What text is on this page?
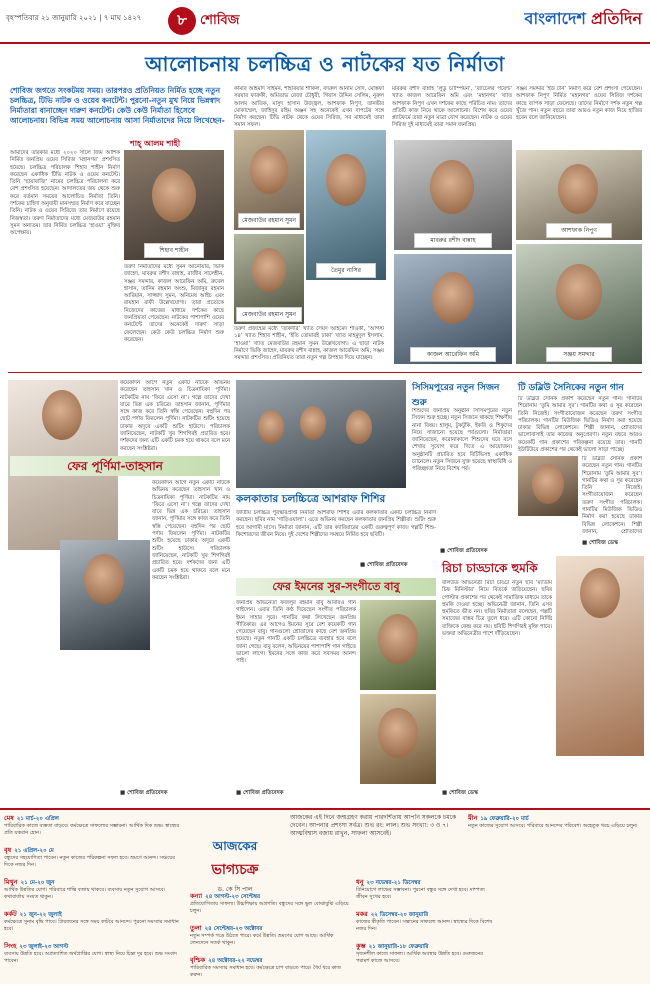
বৃহস্পতিবার ২১ জানুয়ারি ২০২১ | ৭ মাঘ ১৪২৭	৮	শোবিজ	বাংলাদেশ প্রতিদিন
আলোচনায় চলচ্চিত্র ও নাটকের যত নির্মাতা
শোবিজ জগতে সংকটময় সময়। তারপরও প্রতিনিয়ত নির্মিত হচ্ছে নতুন চলচ্চিত্র, টিভি নাটক ও ওয়েব কনটেন্ট। পুরনো-নতুন মুখ নিয়ে ভিন্নস্বাদ নির্মাতারা বানাচ্ছেন দারুণ কনটেন্ট। কেউ কেউ নির্মাতা হিসেবে আলোচনায়। বিভিন্ন সময় আলোচনায় আসা নির্মাতাদের নিয়ে লিখেছেন-
শাহ্ আলম শাহী
আমাদের তারকার মধ্যে ২০২০ সালে জিম আশিক নির্মিত জনপ্রিয় ওয়েব সিরিজ ‘মহানগর’ প্রশংসিত হয়েছে। চলচ্চিত্র পরিচালক শিহাব শাহীন নির্মাণ করেছেন একাধিক টিভি নাটক ও ওয়েব কনটেন্ট। তিনি ‘ছায়াবাজি’ নামের চলচ্চিত্র পরিচালনা করে বেশ প্রশংসিত হয়েছেন। আদালতের জয় থেকে শুরু করে বর্তমান সময়ের আলোচিত নির্মাতা তিনি। দর্শকের চাহিদা অনুযায়ী মানসম্মত নির্মাণ করে যাচ্ছেন তিনি। নাটক ও ওয়েব সিরিজে তার নির্মাণে রয়েছে নিজস্বতা। তরুণ নির্মাতাদের মধ্যে মেজবাউর রহমান সুমন অন্যতম। তার নির্মিত চলচ্চিত্র ‘হাওয়া’ মুক্তির অপেক্ষায়।
শিহাব শাহীন
তরুণ নির্মাতাদের মধ্যে সুমন আনোয়ার, ভিকি জাহেদ, মাবরুর রশীদ বান্নাহ, রাজীব সালেহীন, সঞ্জয় সমদ্দার, কাজল আরেফিন অমি, রুবেল হাসান, তানিম রহমান অংশু, মিজানুর রহমান আরিয়ান, সাজ্জাদ সুমন, অনিমেষ আইচ এবং রায়হান রাফী উল্লেখযোগ্য। তারা প্রত্যেকে নিজেদের কাজের মাধ্যমে দর্শকের কাছে জনপ্রিয়তা পেয়েছেন। নাটকের পাশাপাশি ওয়েব কনটেন্টে তাদের অনেকেই দারুণ সাড়া ফেলেছেন। কেউ কেউ চলচ্চিত্র নির্মাণ শুরু করেছেন।
মেজবাউর রহমান সুমন
মেজবাউর রহমান সুমন
তৈমুর নাসির
কামার আহমাদ সাইমন, শাহরিয়ার শাকিল, বদরুল আনাম সৌদ, মোস্তফা সরয়ার ফারুকী, অমিতাভ রেজা চৌধুরী, গিয়াস উদ্দিন সেলিম, নুরুল আলম আতিক, মাসুদ হাসান উজ্জ্বল, আশফাক নিপুণ, তানভীর মোকাম্মেল, জাহিদুর রহিম অঞ্জন সহ অনেকেই এখন দাপটের সঙ্গে নির্মাণ করছেন। টিভি নাটক থেকে ওয়েব সিরিজ, সব মাধ্যমেই তারা সমান সফল।
তরুণ প্রজন্মের মধ্যে ‘তাকদীর’ খ্যাত সৈয়দ আহমেদ শাওকী, ‘আগস্ট ১৪’ খ্যাত শিহাব শাহীন, ‘ইতি তোমারই ঢাকা’ খ্যাত মাহমুদুল ইসলাম, ‘হাওয়া’ খ্যাত মেজবাউর রহমান সুমন উল্লেখযোগ্য। এ ছাড়া নাটক নির্মাণে ভিকি জাহেদ, মাবরুর রশীদ বান্নাহ, কাজল আরেফিন অমি, সঞ্জয় সমদ্দার প্রশংসিত। প্রতিনিয়ত তারা নতুন গল্প উপহার দিয়ে যাচ্ছেন।
মাবরুর রশীদ বান্নাহ ‘লুডু চ্যাম্পিয়ন’, ‘ব্যাচেলর পয়েন্ট’ খ্যাত কাজল আরেফিন অমি এবং ‘মহানগর’ খ্যাত আশফাক নিপুণ এখন দর্শকের কাছে পরিচিত নাম। তাদের প্রতিটি কাজ নিয়ে থাকে আলোচনা। বিশেষ করে ওয়েব প্ল্যাটফর্মে তারা নতুন মাত্রা যোগ করেছেন। নাটক ও ওয়েব সিরিজ দুই মাধ্যমেই তারা সমান জনপ্রিয়।
মাবরুর রশীদ বান্নাহ
আশফাক নিপুণ
সঞ্জয় সমদ্দার ‘ইউ টার্ন’ নির্মাণ করে বেশ প্রশংসা পেয়েছেন। আশফাক নিপুণ নির্মিত ‘মহানগর’ ওয়েব সিরিজ দর্শকের কাছে ব্যাপক সাড়া ফেলেছে। তাদের নির্মাণে দর্শক নতুন গল্প খুঁজে পান। নতুন বছরে তারা আরও নতুন কাজ নিয়ে হাজির হবেন বলে জানিয়েছেন।
কাজল আরেফিন অমি	সঞ্জয় সমদ্দার
ফের পূর্ণিমা-তাহসান
কয়েকদিন আগে নতুন একটি নাটকে অভিনয় করেছেন তাহসান খান ও চিত্রনায়িকা পূর্ণিমা। নাটকটির নাম ‘ফিরে এসো না’। গল্পে তাদের দেখা যাবে ভিন্ন এক চরিত্রে। তাহসান জানান, পূর্ণিমার সঙ্গে কাজ করে তিনি স্বস্তি পেয়েছেন। বহুদিন পর ছোট পর্দায় ফিরলেন পূর্ণিমা। নাটকটির শুটিং হয়েছে ঢাকার অদূরে একটি শুটিং হাউসে। পরিচালক জানিয়েছেন, নাটকটি খুব শিগগিরই প্রচারিত হবে। দর্শকদের জন্য এটি একটি চমক হয়ে থাকবে বলে মনে করছেন সংশ্লিষ্টরা।
কয়েকদিন আগে নতুন একটি নাটকে অভিনয় করেছেন তাহসান খান ও চিত্রনায়িকা পূর্ণিমা। নাটকটির নাম ‘ফিরে এসো না’। গল্পে তাদের দেখা যাবে ভিন্ন এক চরিত্রে। তাহসান জানান, পূর্ণিমার সঙ্গে কাজ করে তিনি স্বস্তি পেয়েছেন। বহুদিন পর ছোট পর্দায় ফিরলেন পূর্ণিমা। নাটকটির শুটিং হয়েছে ঢাকার অদূরে একটি শুটিং হাউসে। পরিচালক জানিয়েছেন, নাটকটি খুব শিগগিরই প্রচারিত হবে। দর্শকদের জন্য এটি একটি চমক হয়ে থাকবে বলে মনে করছেন সংশ্লিষ্টরা।
■ শোবিজ প্রতিবেদক
কলকাতার চলচ্চিত্রে আশরাফ শিশির
জাতীয় চলচ্চিত্র পুরস্কারপ্রাপ্ত নির্মাতা আশরাফ শিশির এবার কলকাতার একটি চলচ্চিত্র নির্মাণ করছেন। ছবির নাম ‘গাড়িওয়ালা’। এতে অভিনয় করছেন কলকাতার জনপ্রিয় শিল্পীরা। শুটিং শুরু হবে আগামী মাসে। নির্মাতা জানান, এটি তার ক্যারিয়ারের একটি গুরুত্বপূর্ণ কাজ। গল্পটি শিশু-কিশোরদের জীবন নিয়ে। দুই দেশের শিল্পীদের সমন্বয়ে নির্মিত হবে ছবিটি।
■ শোবিজ প্রতিবেদক
ফের ইমনের সুর-সংগীতে বাবু
জনপ্রিয় অভিনেতা ফজলুর রহমান বাবু আবারও গান গাইলেন। এবার তিনি কণ্ঠ দিয়েছেন সংগীত পরিচালক ইমন সাহার সুরে। গানটির কথা লিখেছেন জনপ্রিয় গীতিকার। এর আগেও ইমনের সুরে বেশ কয়েকটি গান গেয়েছেন বাবু। গানগুলো শ্রোতাদের কাছে বেশ জনপ্রিয় হয়েছে। নতুন গানটি একটি চলচ্চিত্রে ব্যবহার হবে বলে জানা গেছে। বাবু বলেন, অভিনয়ের পাশাপাশি গান গাইতে ভালো লাগে। ইমনের সঙ্গে কাজ করে সবসময় আনন্দ পাই।
■ শোবিজ প্রতিবেদক
সিসিমপুরের নতুন সিজন শুরু
শিশুদের জনপ্রিয় অনুষ্ঠান সিসিমপুরের নতুন সিজন শুরু হচ্ছে। নতুন সিজনে থাকছে শিক্ষণীয় নানা বিষয়। হালুম, টুকটুকি, ইকরি ও শিকুদের নিয়ে সাজানো হয়েছে পর্বগুলো। নির্মাতারা জানিয়েছেন, করোনাকালে শিশুদের ঘরে বসে শেখার সুযোগ করে দিতে এ আয়োজন। অনুষ্ঠানটি প্রচারিত হবে বিটিভিসহ একাধিক চ্যানেলে। নতুন সিজনে যুক্ত হয়েছে স্বাস্থ্যবিধি ও পরিচ্ছন্নতা নিয়ে বিশেষ পর্ব।
■ শোবিজ প্রতিবেদক
টি ডব্লিউ সৈনিকের নতুন গান
টি ডব্লিউ সৈনিক প্রকাশ করেছেন নতুন গান। গানটির শিরোনাম ‘তুমি আমার সুর’। গানটির কথা ও সুর করেছেন তিনি নিজেই। সংগীতায়োজন করেছেন তরুণ সংগীত পরিচালক। গানটির মিউজিক ভিডিও নির্মাণ করা হয়েছে ঢাকার বিভিন্ন লোকেশনে। শিল্পী জানান, শ্রোতাদের ভালোবাসাই তার কাজের অনুপ্রেরণা। নতুন বছরে আরও কয়েকটি গান প্রকাশের পরিকল্পনা রয়েছে তার। গানটি ইউটিউবে প্রকাশের পর থেকেই ভালো সাড়া পাচ্ছে।
টি ডব্লিউ সৈনিক প্রকাশ করেছেন নতুন গান। গানটির শিরোনাম ‘তুমি আমার সুর’। গানটির কথা ও সুর করেছেন তিনি নিজেই। সংগীতায়োজন করেছেন তরুণ সংগীত পরিচালক। গানটির মিউজিক ভিডিও নির্মাণ করা হয়েছে ঢাকার বিভিন্ন লোকেশনে। শিল্পী জানান, শ্রোতাদের
■ শোবিজ ডেস্ক
রিচা চাড্ডাকে হুমকি
বলিউড অভিনেত্রী রিচা চাড্ডা নতুন ছবি ‘ম্যাডাম চিফ মিনিস্টার’ নিয়ে বিতর্কে জড়িয়েছেন। ছবির পোস্টার প্রকাশের পর থেকেই সামাজিক মাধ্যমে তাকে হুমকি দেওয়া হচ্ছে। অভিনেত্রী জানান, তিনি এসব হুমকিতে ভীত নন। ছবির নির্মাতারা বলেছেন, গল্পটি সমাজের বাস্তব চিত্র তুলে ধরে। এটি কোনো নির্দিষ্ট ব্যক্তিকে কেন্দ্র করে নয়। ছবিটি শিগগিরই মুক্তি পাবে। ভক্তরা অভিনেত্রীর পাশে দাঁড়িয়েছেন।
■ শোবিজ ডেস্ক
আজকের
ভাগ্যচক্র
ড. কে সি পাল
আজকের এই দিনে জন্মগ্রহণ করায় পারদর্শিতায় আপনি সকলকে চমকে দেবেন। আপনার প্রশংসা সর্বত্র। শুভ রং: লাল। শুভ সংখ্যা: ৩ ও ৭। আত্মবিশ্বাস বজায় রাখুন, সাফল্য আসবেই।
মেষ ২১ মার্চ-২০ এপ্রিল
পারিবারিক কাজে ব্যস্ততা বাড়বে। কর্মক্ষেত্রে সাফল্যের সম্ভাবনা। আর্থিক দিক শুভ। স্বাস্থ্যের প্রতি যত্নবান হোন।
বৃষ ২১ এপ্রিল-২০ মে
বন্ধুদের সহযোগিতা পাবেন। নতুন কাজের পরিকল্পনা সফল হবে। ভ্রমণে আনন্দ। সঞ্চয়ের দিকে নজর দিন।
মিথুন ২১ মে-২০ জুন
আর্থিক উন্নতির যোগ। পরিবারে শান্তি বজায় থাকবে। ব্যবসায় নতুন সুযোগ আসবে। কথাবার্তায় সংযত থাকুন।
কর্কট ২১ জুন-২২ জুলাই
কর্মক্ষেত্রে সুনাম বৃদ্ধি পাবে। প্রিয়জনের সঙ্গে সময় কাটবে আনন্দে। পুরনো সমস্যার সমাধান হবে।
সিংহ ২৩ জুলাই-২৩ আগস্ট
ব্যবসায় উন্নতি হবে। অপ্রত্যাশিত অর্থপ্রাপ্তির যোগ। স্বাস্থ্য নিয়ে চিন্তা দূর হবে। শুভ সংবাদ পাবেন।
কন্যা ২৪ আগস্ট-২৩ সেপ্টেম্বর
প্রতিযোগিতায় সাফল্য। উচ্চশিক্ষায় অগ্রগতি। বন্ধুদের সঙ্গে ভুল বোঝাবুঝি এড়িয়ে চলুন।
তুলা ২৪ সেপ্টেম্বর-২৩ অক্টোবর
নতুন সম্পর্ক গড়ে উঠতে পারে। কর্মে উন্নতি। ভ্রমণের যোগ আছে। আর্থিক লেনদেনে সতর্ক থাকুন।
বৃশ্চিক ২৪ অক্টোবর-২২ নভেম্বর
পারিবারিক সমস্যার সমাধান হবে। কর্মক্ষেত্রে চাপ বাড়তে পারে। ধৈর্য ধরে কাজ করুন।
ধনু ২৩ নভেম্বর-২১ ডিসেম্বর
বিনিয়োগে লাভের সম্ভাবনা। পুরনো বন্ধুর সঙ্গে দেখা হবে। দাম্পত্য জীবন সুখের হবে।
মকর ২২ ডিসেম্বর-২০ জানুয়ারি
কাজের স্বীকৃতি পাবেন। সন্তানের সাফল্যে আনন্দ। স্বাস্থ্যের দিকে বিশেষ নজর দিন।
কুম্ভ ২১ জানুয়ারি-১৮ ফেব্রুয়ারি
সৃজনশীল কাজে সাফল্য। আর্থিক অবস্থার উন্নতি হবে। গুরুজনের পরামর্শ কাজে আসবে।
মীন ১৯ ফেব্রুয়ারি-২০ মার্চ
নতুন কাজের সুযোগ আসবে। পরিবারে আনন্দের পরিবেশ। অহেতুক খরচ এড়িয়ে চলুন।
